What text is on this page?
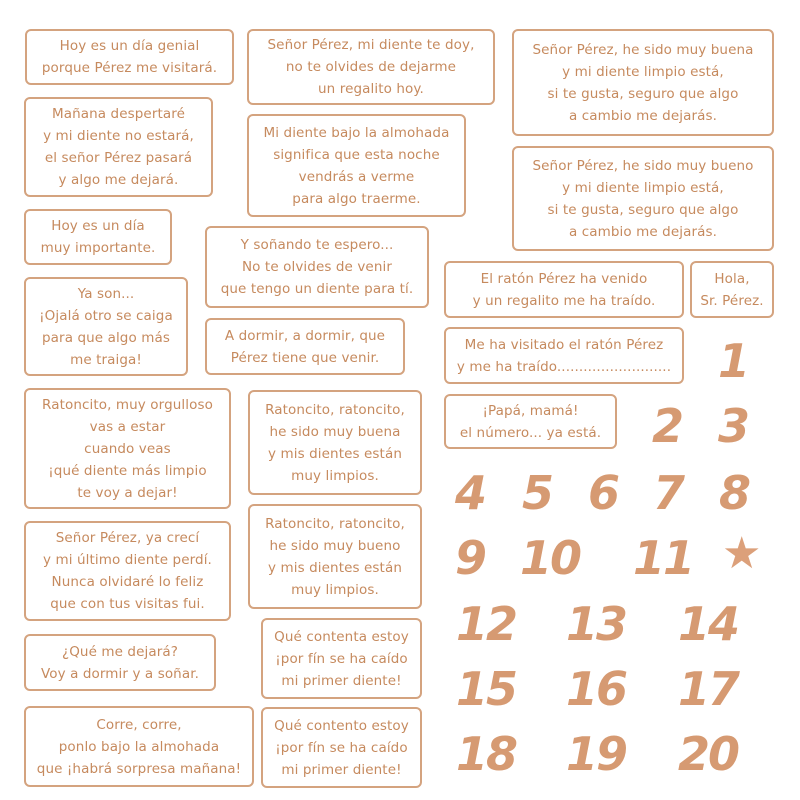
Hoy es un día genial
porque Pérez me visitará.
Señor Pérez, mi diente te doy,
no te olvides de dejarme
un regalito hoy.
Señor Pérez, he sido muy buena
y mi diente limpio está,
si te gusta, seguro que algo
a cambio me dejarás.
Mañana despertaré
y mi diente no estará,
el señor Pérez pasará
y algo me dejará.
Mi diente bajo la almohada
significa que esta noche
vendrás a verme
para algo traerme.
Señor Pérez, he sido muy bueno
y mi diente limpio está,
si te gusta, seguro que algo
a cambio me dejarás.
Hoy es un día
muy importante.	Y soñando te espero...
No te olvides de venir
que tengo un diente para tí.
El ratón Pérez ha venido
y un regalito me ha traído.
Hola,
Sr. Pérez.
Ya son...
¡Ojalá otro se caiga
para que algo más
me traiga!
A dormir, a dormir, que
Pérez tiene que venir.
Me ha visitado el ratón Pérez
y me ha traído..........................
Ratoncito, muy orgulloso
vas a estar
cuando veas
¡qué diente más limpio
te voy a dejar!
Ratoncito, ratoncito,
he sido muy buena
y mis dientes están
muy limpios.
¡Papá, mamá!
el número... ya está.
Señor Pérez, ya crecí
y mi último diente perdí.
Nunca olvidaré lo feliz
que con tus visitas fui.
Ratoncito, ratoncito,
he sido muy bueno
y mis dientes están
muy limpios.
¿Qué me dejará?
Voy a dormir y a soñar.
Qué contenta estoy
¡por fín se ha caído
mi primer diente!
Corre, corre,
ponlo bajo la almohada
que ¡habrá sorpresa mañana!
Qué contento estoy
¡por fín se ha caído
mi primer diente!
1
2 3
4 5 6 7 8
9 10 11 ★
12 13 14
15 16 17
18 19 20
